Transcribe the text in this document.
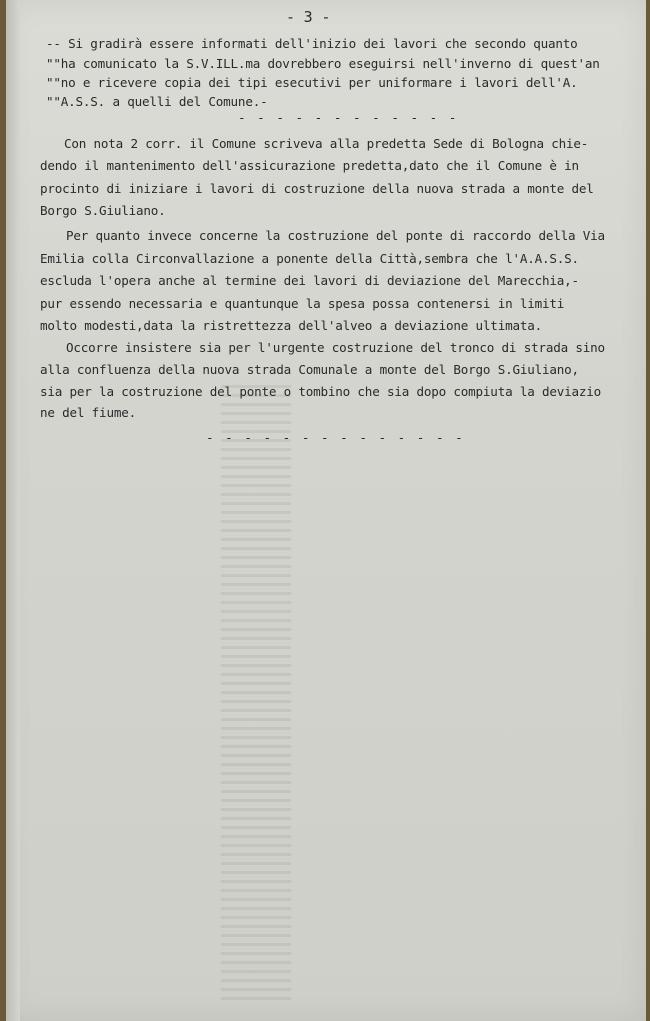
- 3 -
-- Si gradirà essere informati dell'inizio dei lavori che secondo quanto
""ha comunicato la S.V.ILL.ma dovrebbero eseguirsi nell'inverno di quest'an
""no e ricevere copia dei tipi esecutivi per uniformare i lavori dell'A.
""A.S.S. a quelli del Comune.-
- - - - - - - - - - - -
Con nota 2 corr. il Comune scriveva alla predetta Sede di Bologna chie-
dendo il mantenimento dell'assicurazione predetta,dato che il Comune è in
procinto di iniziare i lavori di costruzione della nuova strada a monte del
Borgo S.Giuliano.
Per quanto invece concerne la costruzione del ponte di raccordo della Via
Emilia colla Circonvallazione a ponente della Città,sembra che l'A.A.S.S.
escluda l'opera anche al termine dei lavori di deviazione del Marecchia,-
pur essendo necessaria e quantunque la spesa possa contenersi in limiti
molto modesti,data la ristrettezza dell'alveo a deviazione ultimata.
Occorre insistere sia per l'urgente costruzione del tronco di strada sino
alla confluenza della nuova strada Comunale a monte del Borgo S.Giuliano,
sia per la costruzione del ponte o tombino che sia dopo compiuta la deviazio
ne del fiume.
- - - - - - - - - - - - - -
